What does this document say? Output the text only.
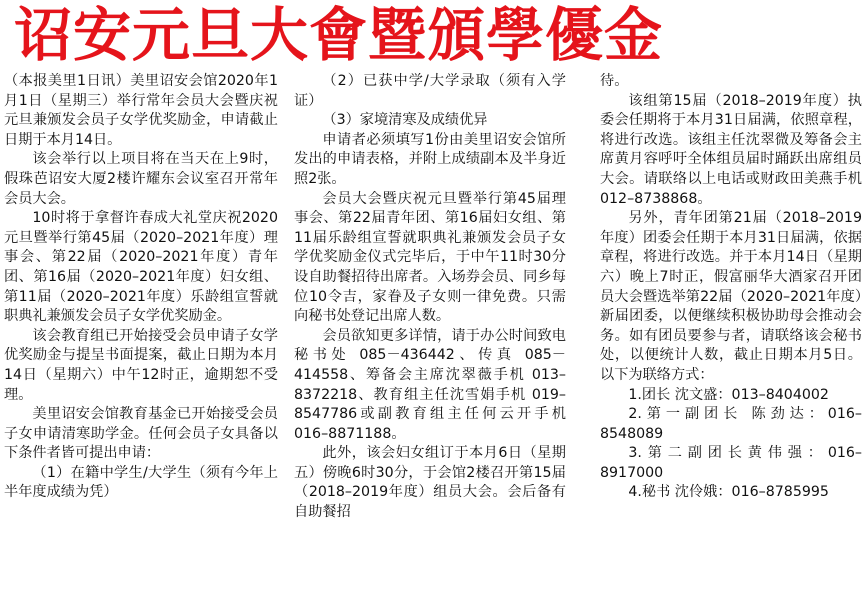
诏安元旦大會暨頒學優金

（本报美里1日讯）美里诏安会馆2020年1月1日（星期三）举行常年会员大会暨庆祝元旦兼颁发会员子女学优奖励金，申请截止日期于本月14日。

该会举行以上项目将在当天在上9时，假珠芭诏安大厦2楼许耀东会议室召开常年会员大会。

10时将于拿督许春成大礼堂庆祝2020元旦暨举行第45届（2020–2021年度）理事会、第22届（2020–2021年度）青年团、第16届（2020–2021年度）妇女组、第11届（2020–2021年度）乐龄组宣誓就职典礼兼颁发会员子女学优奖励金。

该会教育组已开始接受会员申请子女学优奖励金与提呈书面提案，截止日期为本月14日（星期六）中午12时正，逾期恕不受理。

美里诏安会馆教育基金已开始接受会员子女申请清寒助学金。任何会员子女具备以下条件者皆可提出申请：

（1）在籍中学生/大学生（须有今年上半年度成绩为凭）

（2）已获中学/大学录取（须有入学证）

（3）家境清寒及成绩优异

申请者必须填写1份由美里诏安会馆所发出的申请表格，并附上成绩副本及半身近照2张。

会员大会暨庆祝元旦暨举行第45届理事会、第22届青年团、第16届妇女组、第11届乐龄组宣誓就职典礼兼颁发会员子女学优奖励金仪式完毕后，于中午11时30分设自助餐招待出席者。入场券会员、同乡每位10令吉，家眷及子女则一律免费。只需向秘书处登记出席人数。

会员欲知更多详情，请于办公时间致电秘书处 085－436442、传真 085－414558、筹备会主席沈翠薇手机 013–8372218、教育组主任沈雪娟手机 019–8547786或副教育组主任何云开手机 016–8871188。

此外，该会妇女组订于本月6日（星期五）傍晚6时30分，于会馆2楼召开第15届（2018–2019年度）组员大会。会后备有自助餐招

待。

该组第15届（2018–2019年度）执委会任期将于本月31日届满，依照章程，将进行改选。该组主任沈翠微及筹备会主席黄月容呼吁全体组员届时踊跃出席组员大会。请联络以上电话或财政田美燕手机 012–8738868。

另外，青年团第21届（2018–2019年度）团委会任期于本月31日届满，依据章程，将进行改选。并于本月14日（星期六）晚上7时正，假富丽华大酒家召开团员大会暨选举第22届（2020–2021年度）新届团委，以便继续积极协助母会推动会务。如有团员要参与者，请联络该会秘书处，以便统计人数，截止日期本月5日。以下为联络方式：

1.团长 沈文盛：013–8404002

2.第一副团长 陈劲达：016–8548089

3.第二副团长黄伟强：016–8917000

4.秘书 沈伶娥：016–8785995
